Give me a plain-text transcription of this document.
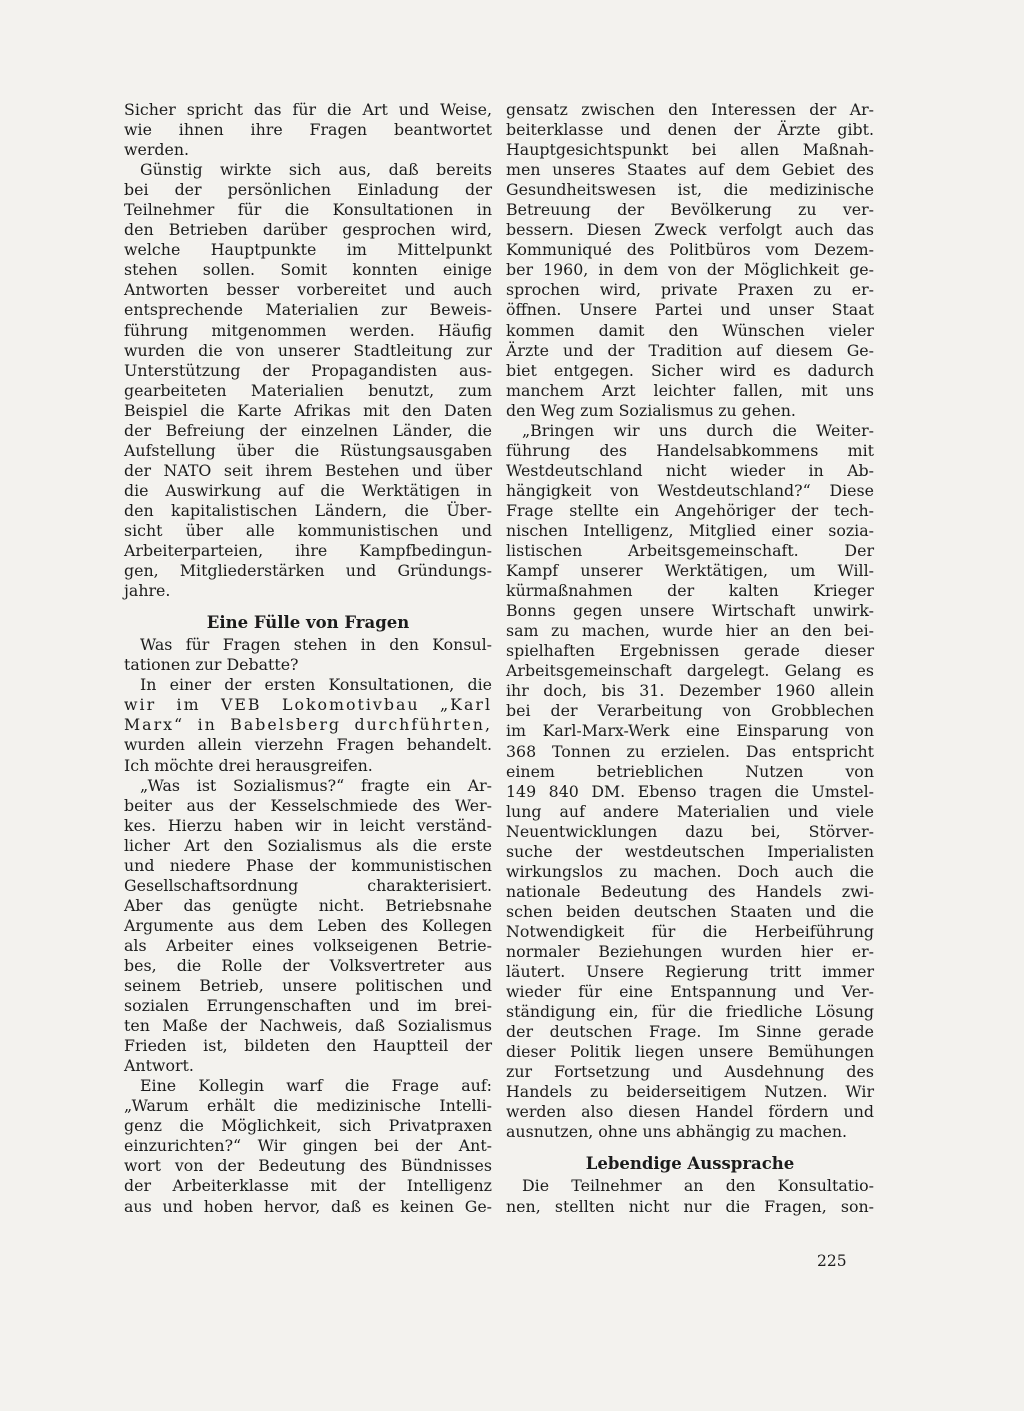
Sicher spricht das für die Art und Weise,
wie ihnen ihre Fragen beantwortet
werden.
Günstig wirkte sich aus, daß bereits
bei der persönlichen Einladung der
Teilnehmer für die Konsultationen in
den Betrieben darüber gesprochen wird,
welche Hauptpunkte im Mittelpunkt
stehen sollen. Somit konnten einige
Antworten besser vorbereitet und auch
entsprechende Materialien zur Beweis-
führung mitgenommen werden. Häufig
wurden die von unserer Stadtleitung zur
Unterstützung der Propagandisten aus-
gearbeiteten Materialien benutzt, zum
Beispiel die Karte Afrikas mit den Daten
der Befreiung der einzelnen Länder, die
Aufstellung über die Rüstungsausgaben
der NATO seit ihrem Bestehen und über
die Auswirkung auf die Werktätigen in
den kapitalistischen Ländern, die Über-
sicht über alle kommunistischen und
Arbeiterparteien, ihre Kampfbedingun-
gen, Mitgliederstärken und Gründungs-
jahre.
Eine Fülle von Fragen
Was für Fragen stehen in den Konsul-
tationen zur Debatte?
In einer der ersten Konsultationen, die
wir im VEB Lokomotivbau „Karl
Marx“ in Babelsberg durchführten,
wurden allein vierzehn Fragen behandelt.
Ich möchte drei herausgreifen.
„Was ist Sozialismus?“ fragte ein Ar-
beiter aus der Kesselschmiede des Wer-
kes. Hierzu haben wir in leicht verständ-
licher Art den Sozialismus als die erste
und niedere Phase der kommunistischen
Gesellschaftsordnung charakterisiert.
Aber das genügte nicht. Betriebsnahe
Argumente aus dem Leben des Kollegen
als Arbeiter eines volkseigenen Betrie-
bes, die Rolle der Volksvertreter aus
seinem Betrieb, unsere politischen und
sozialen Errungenschaften und im brei-
ten Maße der Nachweis, daß Sozialismus
Frieden ist, bildeten den Hauptteil der
Antwort.
Eine Kollegin warf die Frage auf:
„Warum erhält die medizinische Intelli-
genz die Möglichkeit, sich Privatpraxen
einzurichten?“ Wir gingen bei der Ant-
wort von der Bedeutung des Bündnisses
der Arbeiterklasse mit der Intelligenz
aus und hoben hervor, daß es keinen Ge-
gensatz zwischen den Interessen der Ar-
beiterklasse und denen der Ärzte gibt.
Hauptgesichtspunkt bei allen Maßnah-
men unseres Staates auf dem Gebiet des
Gesundheitswesen ist, die medizinische
Betreuung der Bevölkerung zu ver-
bessern. Diesen Zweck verfolgt auch das
Kommuniqué des Politbüros vom Dezem-
ber 1960, in dem von der Möglichkeit ge-
sprochen wird, private Praxen zu er-
öffnen. Unsere Partei und unser Staat
kommen damit den Wünschen vieler
Ärzte und der Tradition auf diesem Ge-
biet entgegen. Sicher wird es dadurch
manchem Arzt leichter fallen, mit uns
den Weg zum Sozialismus zu gehen.
„Bringen wir uns durch die Weiter-
führung des Handelsabkommens mit
Westdeutschland nicht wieder in Ab-
hängigkeit von Westdeutschland?“ Diese
Frage stellte ein Angehöriger der tech-
nischen Intelligenz, Mitglied einer sozia-
listischen Arbeitsgemeinschaft. Der
Kampf unserer Werktätigen, um Will-
kürmaßnahmen der kalten Krieger
Bonns gegen unsere Wirtschaft unwirk-
sam zu machen, wurde hier an den bei-
spielhaften Ergebnissen gerade dieser
Arbeitsgemeinschaft dargelegt. Gelang es
ihr doch, bis 31. Dezember 1960 allein
bei der Verarbeitung von Grobblechen
im Karl-Marx-Werk eine Einsparung von
368 Tonnen zu erzielen. Das entspricht
einem betrieblichen Nutzen von
149 840 DM. Ebenso tragen die Umstel-
lung auf andere Materialien und viele
Neuentwicklungen dazu bei, Störver-
suche der westdeutschen Imperialisten
wirkungslos zu machen. Doch auch die
nationale Bedeutung des Handels zwi-
schen beiden deutschen Staaten und die
Notwendigkeit für die Herbeiführung
normaler Beziehungen wurden hier er-
läutert. Unsere Regierung tritt immer
wieder für eine Entspannung und Ver-
ständigung ein, für die friedliche Lösung
der deutschen Frage. Im Sinne gerade
dieser Politik liegen unsere Bemühungen
zur Fortsetzung und Ausdehnung des
Handels zu beiderseitigem Nutzen. Wir
werden also diesen Handel fördern und
ausnutzen, ohne uns abhängig zu machen.
Lebendige Aussprache
Die Teilnehmer an den Konsultatio-
nen, stellten nicht nur die Fragen, son-
225
